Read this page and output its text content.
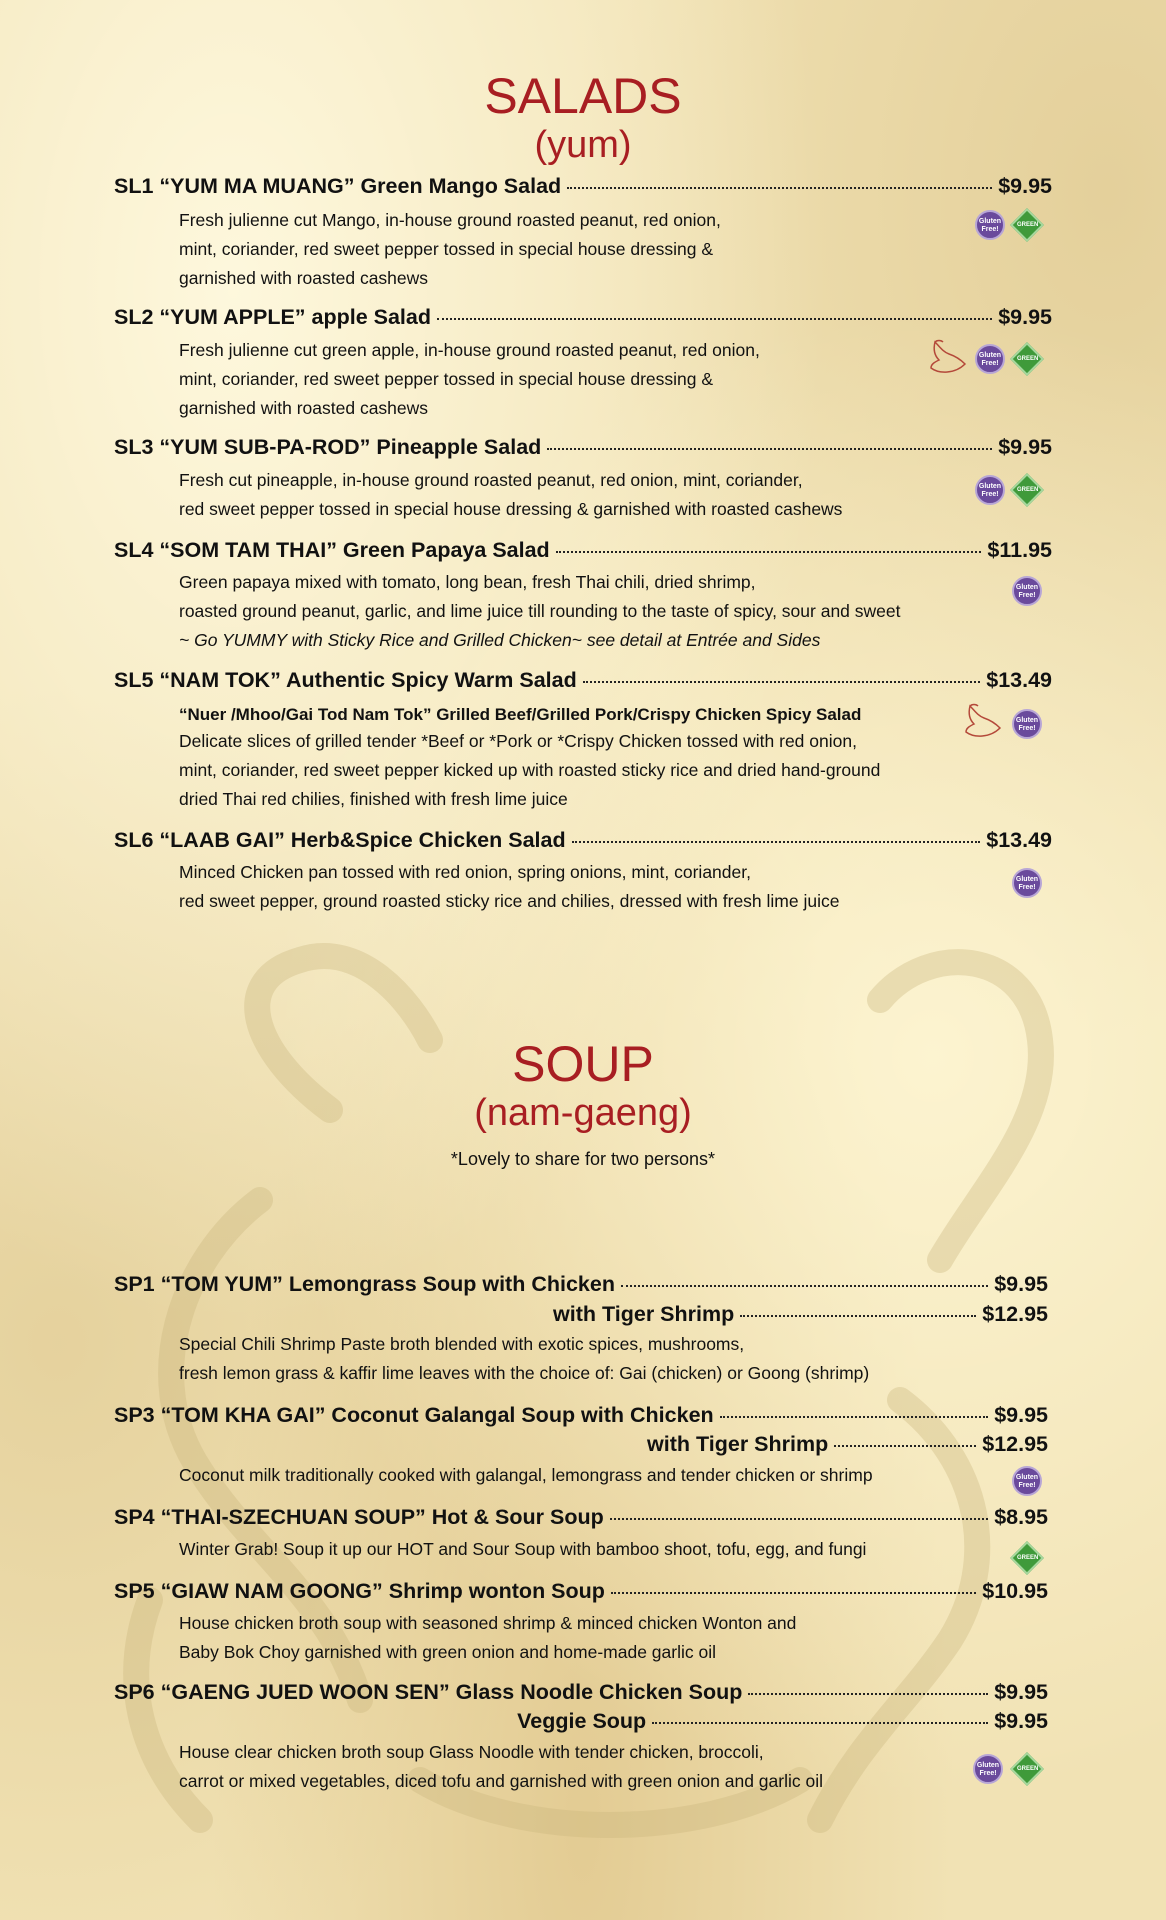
SALADS
(yum)
SL1 “YUM MA MUANG” Green Mango Salad	$9.95
Fresh julienne cut Mango, in-house ground roasted peanut, red onion,
mint, coriander, red sweet pepper tossed in special house dressing &
garnished with roasted cashews
Gluten Free!
GREEN
SL2 “YUM APPLE” apple Salad	$9.95
Fresh julienne cut green apple, in-house ground roasted peanut, red onion,
mint, coriander, red sweet pepper tossed in special house dressing &
garnished with roasted cashews
Gluten Free!
GREEN
SL3 “YUM SUB-PA-ROD” Pineapple Salad	$9.95
Fresh cut pineapple, in-house ground roasted peanut, red onion, mint, coriander,
red sweet pepper tossed in special house dressing & garnished with roasted cashews
Gluten Free!
GREEN
SL4 “SOM TAM THAI” Green Papaya Salad	$11.95
Green papaya mixed with tomato, long bean, fresh Thai chili, dried shrimp,
roasted ground peanut, garlic, and lime juice till rounding to the taste of spicy, sour and sweet
~ Go YUMMY with Sticky Rice and Grilled Chicken~ see detail at Entrée and Sides
Gluten Free!
SL5 “NAM TOK” Authentic Spicy Warm Salad	$13.49
“Nuer /Mhoo/Gai Tod Nam Tok” Grilled Beef/Grilled Pork/Crispy Chicken Spicy Salad
Delicate slices of grilled tender *Beef or *Pork or *Crispy Chicken tossed with red onion,
mint, coriander, red sweet pepper kicked up with roasted sticky rice and dried hand-ground
dried Thai red chilies, finished with fresh lime juice
Gluten Free!
SL6 “LAAB GAI” Herb&Spice Chicken Salad	$13.49
Minced Chicken pan tossed with red onion, spring onions, mint, coriander,
red sweet pepper, ground roasted sticky rice and chilies, dressed with fresh lime juice
Gluten Free!
SOUP
(nam-gaeng)
*Lovely to share for two persons*
SP1 “TOM YUM” Lemongrass Soup with Chicken	$9.95
with Tiger Shrimp	$12.95
Special Chili Shrimp Paste broth blended with exotic spices, mushrooms,
fresh lemon grass & kaffir lime leaves with the choice of: Gai (chicken) or Goong (shrimp)
SP3 “TOM KHA GAI” Coconut Galangal Soup with Chicken	$9.95
with Tiger Shrimp	$12.95
Coconut milk traditionally cooked with galangal, lemongrass and tender chicken or shrimp	Gluten Free!
SP4 “THAI-SZECHUAN SOUP” Hot & Sour Soup	$8.95
Winter Grab! Soup it up our HOT and Sour Soup with bamboo shoot, tofu, egg, and fungi	GREEN
SP5 “GIAW NAM GOONG” Shrimp wonton Soup	$10.95
House chicken broth soup with seasoned shrimp & minced chicken Wonton and
Baby Bok Choy garnished with green onion and home-made garlic oil
SP6 “GAENG JUED WOON SEN” Glass Noodle Chicken Soup	$9.95
Veggie Soup	$9.95
House clear chicken broth soup Glass Noodle with tender chicken, broccoli,
carrot or mixed vegetables, diced tofu and garnished with green onion and garlic oil
Gluten Free!
GREEN
